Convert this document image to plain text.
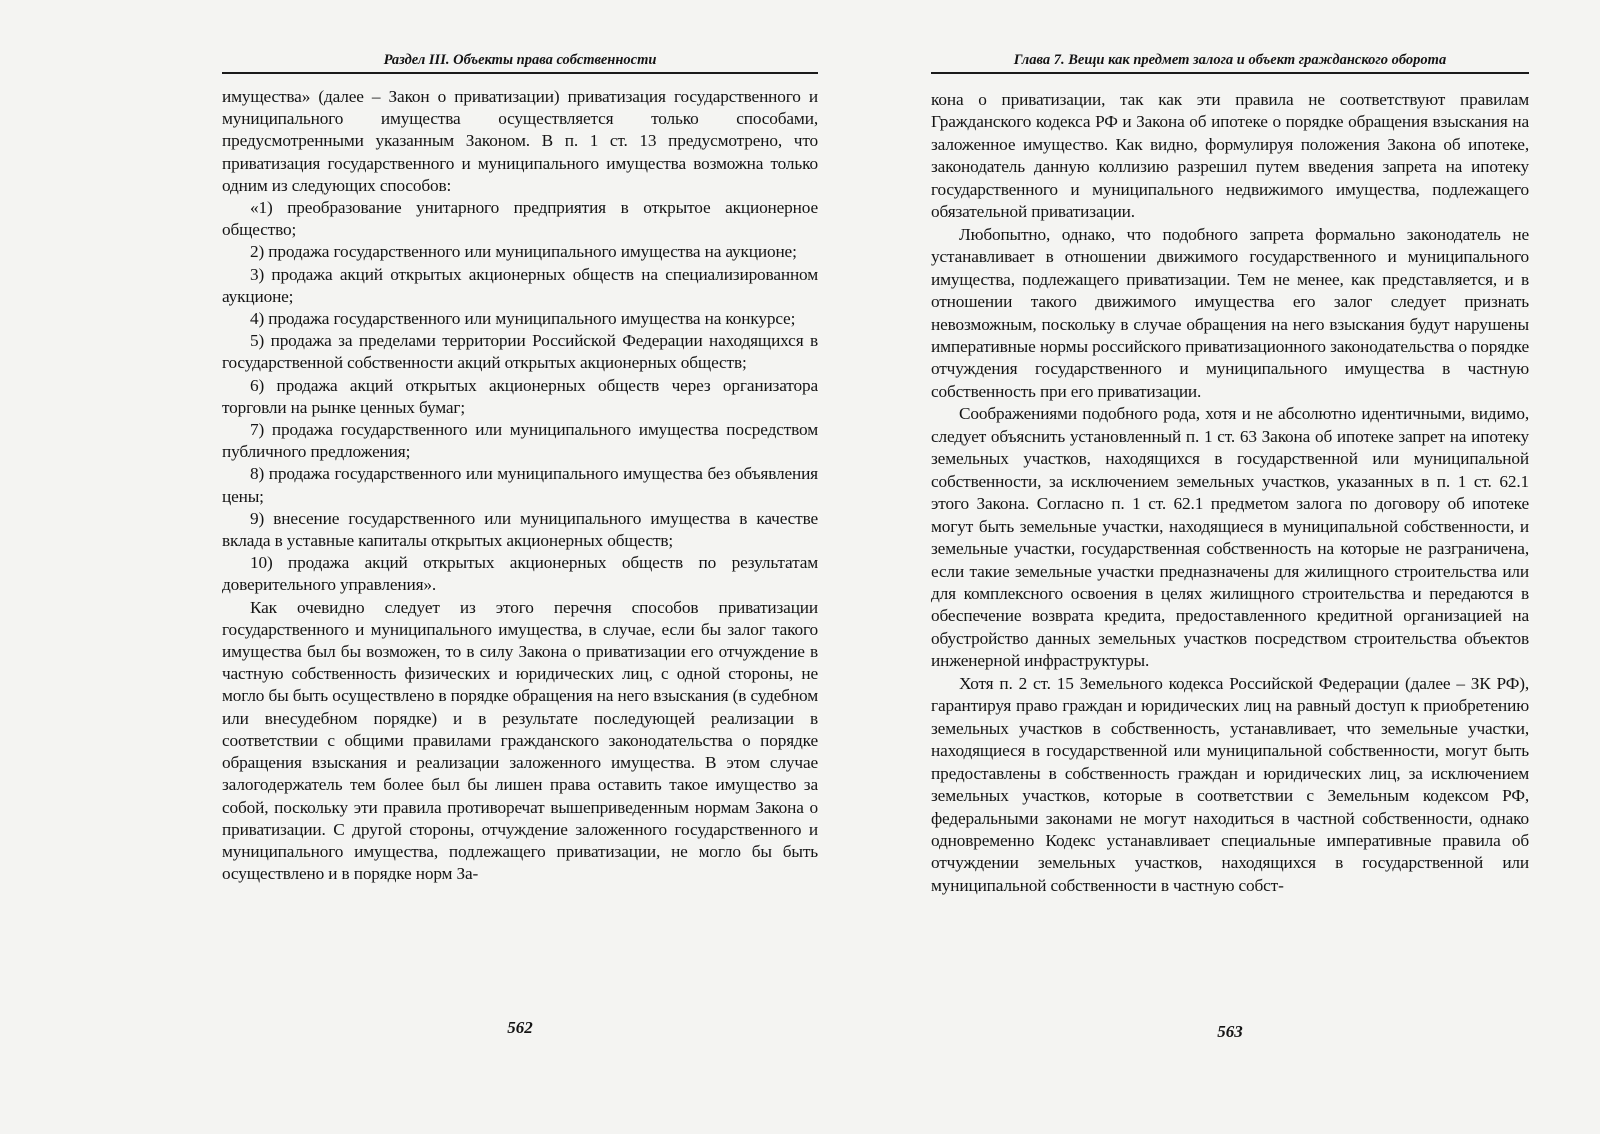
Раздел III. Объекты права собственности

имущества» (далее – Закон о приватизации) приватизация государственного и муниципального имущества осуществляется только способами, предусмотренными указанным Законом. В п. 1 ст. 13 предусмотрено, что приватизация государственного и муниципального имущества возможна только одним из следующих способов:

«1) преобразование унитарного предприятия в открытое акционерное общество;

2) продажа государственного или муниципального имущества на аукционе;

3) продажа акций открытых акционерных обществ на специализированном аукционе;

4) продажа государственного или муниципального имущества на конкурсе;

5) продажа за пределами территории Российской Федерации находящихся в государственной собственности акций открытых акционерных обществ;

6) продажа акций открытых акционерных обществ через организатора торговли на рынке ценных бумаг;

7) продажа государственного или муниципального имущества посредством публичного предложения;

8) продажа государственного или муниципального имущества без объявления цены;

9) внесение государственного или муниципального имущества в качестве вклада в уставные капиталы открытых акционерных обществ;

10) продажа акций открытых акционерных обществ по результатам доверительного управления».

Как очевидно следует из этого перечня способов приватизации государственного и муниципального имущества, в случае, если бы залог такого имущества был бы возможен, то в силу Закона о приватизации его отчуждение в частную собственность физических и юридических лиц, с одной стороны, не могло бы быть осуществлено в порядке обращения на него взыскания (в судебном или внесудебном порядке) и в результате последующей реализации в соответствии с общими правилами гражданского законодательства о порядке обращения взыскания и реализации заложенного имущества. В этом случае залогодержатель тем более был бы лишен права оставить такое имущество за собой, поскольку эти правила противоречат вышеприведенным нормам Закона о приватизации. С другой стороны, отчуждение заложенного государственного и муниципального имущества, подлежащего приватизации, не могло бы быть осуществлено и в порядке норм За-

562
Глава 7. Вещи как предмет залога и объект гражданского оборота

кона о приватизации, так как эти правила не соответствуют правилам Гражданского кодекса РФ и Закона об ипотеке о порядке обращения взыскания на заложенное имущество. Как видно, формулируя положения Закона об ипотеке, законодатель данную коллизию разрешил путем введения запрета на ипотеку государственного и муниципального недвижимого имущества, подлежащего обязательной приватизации.

Любопытно, однако, что подобного запрета формально законодатель не устанавливает в отношении движимого государственного и муниципального имущества, подлежащего приватизации. Тем не менее, как представляется, и в отношении такого движимого имущества его залог следует признать невозможным, поскольку в случае обращения на него взыскания будут нарушены императивные нормы российского приватизационного законодательства о порядке отчуждения государственного и муниципального имущества в частную собственность при его приватизации.

Соображениями подобного рода, хотя и не абсолютно идентичными, видимо, следует объяснить установленный п. 1 ст. 63 Закона об ипотеке запрет на ипотеку земельных участков, находящихся в государственной или муниципальной собственности, за исключением земельных участков, указанных в п. 1 ст. 62.1 этого Закона. Согласно п. 1 ст. 62.1 предметом залога по договору об ипотеке могут быть земельные участки, находящиеся в муниципальной собственности, и земельные участки, государственная собственность на которые не разграничена, если такие земельные участки предназначены для жилищного строительства или для комплексного освоения в целях жилищного строительства и передаются в обеспечение возврата кредита, предоставленного кредитной организацией на обустройство данных земельных участков посредством строительства объектов инженерной инфраструктуры.

Хотя п. 2 ст. 15 Земельного кодекса Российской Федерации (далее – ЗК РФ), гарантируя право граждан и юридических лиц на равный доступ к приобретению земельных участков в собственность, устанавливает, что земельные участки, находящиеся в государственной или муниципальной собственности, могут быть предоставлены в собственность граждан и юридических лиц, за исключением земельных участков, которые в соответствии с Земельным кодексом РФ, федеральными законами не могут находиться в частной собственности, однако одновременно Кодекс устанавливает специальные императивные правила об отчуждении земельных участков, находящихся в государственной или муниципальной собственности в частную собст-

563
